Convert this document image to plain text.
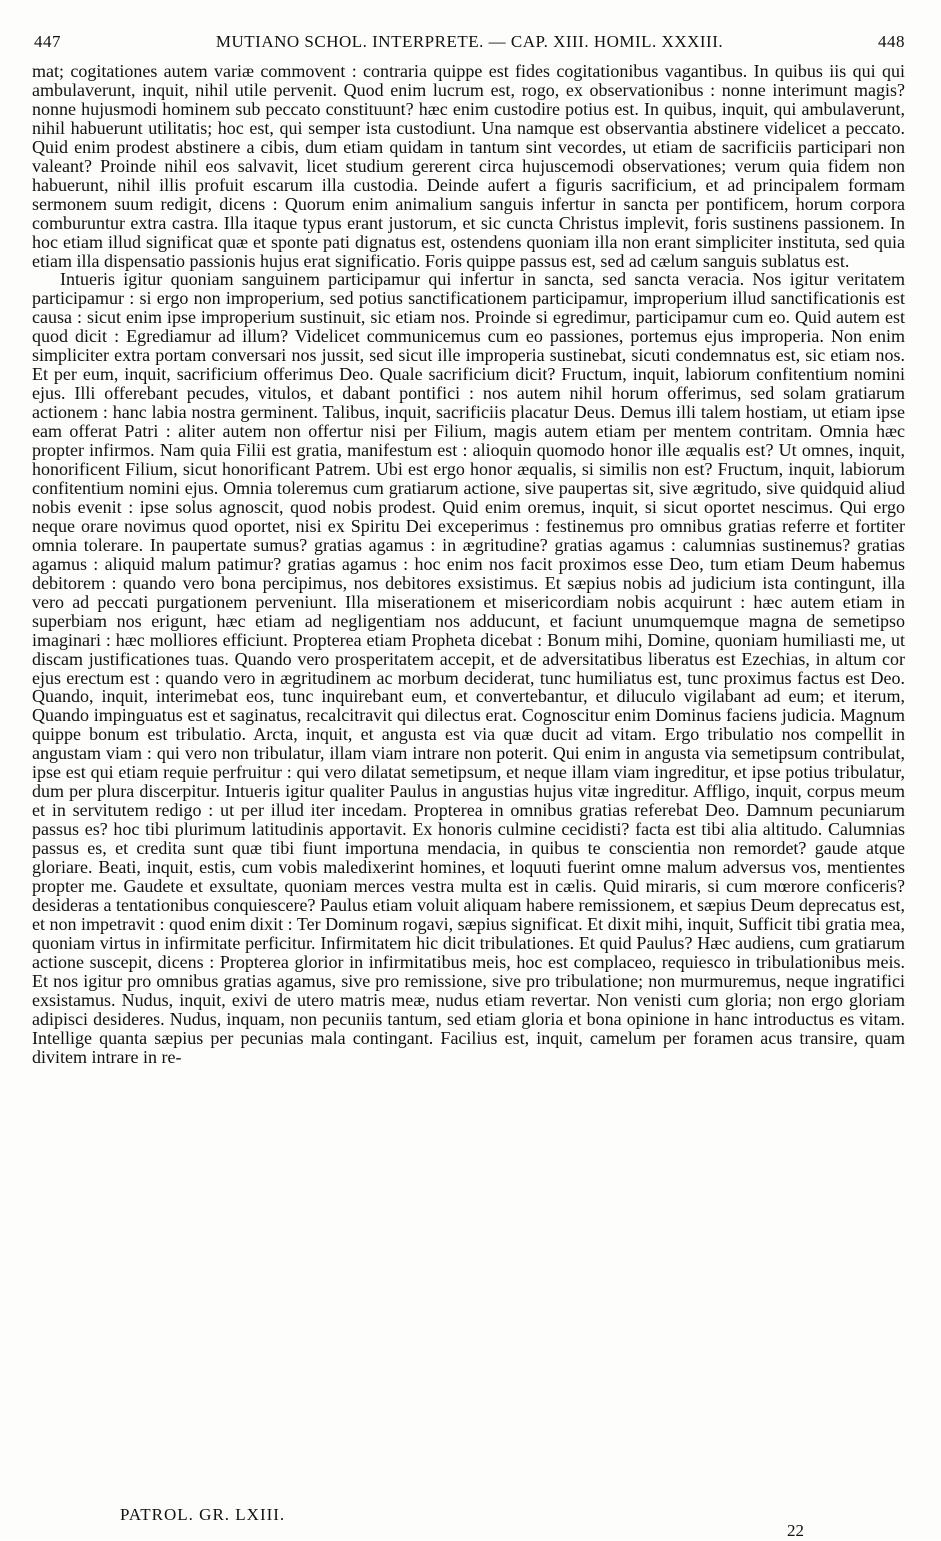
447	MUTIANO SCHOL. INTERPRETE. — CAP. XIII. HOMIL. XXXIII.	448

mat; cogitationes autem variæ commovent : contraria quippe est fides cogitationibus vagantibus. In quibus iis qui qui ambulaverunt, inquit, nihil utile pervenit. Quod enim lucrum est, rogo, ex observationibus : nonne interimunt magis? nonne hujusmodi hominem sub peccato constituunt? hæc enim custodire potius est. In quibus, inquit, qui ambulaverunt, nihil habuerunt utilitatis; hoc est, qui semper ista custodiunt. Una namque est observantia abstinere videlicet a peccato. Quid enim prodest abstinere a cibis, dum etiam quidam in tantum sint vecordes, ut etiam de sacrificiis participari non valeant? Proinde nihil eos salvavit, licet studium gererent circa hujuscemodi observationes; verum quia fidem non habuerunt, nihil illis profuit escarum illa custodia. Deinde aufert a figuris sacrificium, et ad principalem formam sermonem suum redigit, dicens : Quorum enim animalium sanguis infertur in sancta per pontificem, horum corpora comburuntur extra castra. Illa itaque typus erant justorum, et sic cuncta Christus implevit, foris sustinens passionem. In hoc etiam illud significat quæ et sponte pati dignatus est, ostendens quoniam illa non erant simpliciter instituta, sed quia etiam illa dispensatio passionis hujus erat significatio. Foris quippe passus est, sed ad cælum sanguis sublatus est.

Intueris igitur quoniam sanguinem participamur qui infertur in sancta, sed sancta veracia. Nos igitur veritatem participamur : si ergo non improperium, sed potius sanctificationem participamur, improperium illud sanctificationis est causa : sicut enim ipse improperium sustinuit, sic etiam nos. Proinde si egredimur, participamur cum eo. Quid autem est quod dicit : Egrediamur ad illum? Videlicet communicemus cum eo passiones, portemus ejus improperia. Non enim simpliciter extra portam conversari nos jussit, sed sicut ille improperia sustinebat, sicuti condemnatus est, sic etiam nos. Et per eum, inquit, sacrificium offerimus Deo. Quale sacrificium dicit? Fructum, inquit, labiorum confitentium nomini ejus. Illi offerebant pecudes, vitulos, et dabant pontifici : nos autem nihil horum offerimus, sed solam gratiarum actionem : hanc labia nostra germinent. Talibus, inquit, sacrificiis placatur Deus. Demus illi talem hostiam, ut etiam ipse eam offerat Patri : aliter autem non offertur nisi per Filium, magis autem etiam per mentem contritam. Omnia hæc propter infirmos. Nam quia Filii est gratia, manifestum est : alioquin quomodo honor ille æqualis est? Ut omnes, inquit, honorificent Filium, sicut honorificant Patrem. Ubi est ergo honor æqualis, si similis non est? Fructum, inquit, labiorum confitentium nomini ejus. Omnia toleremus cum gratiarum actione, sive paupertas sit, sive ægritudo, sive quidquid aliud nobis evenit : ipse solus agnoscit, quod nobis prodest. Quid enim oremus, inquit, si sicut oportet nescimus. Qui ergo neque orare novimus quod oportet, nisi ex Spiritu Dei exceperimus : festinemus pro omnibus gratias referre et fortiter omnia tolerare. In paupertate sumus? gratias agamus : in ægritudine? gratias agamus : calumnias sustinemus? gratias agamus : aliquid malum patimur? gratias agamus : hoc enim nos facit proximos esse Deo, tum etiam Deum habemus debitorem : quando vero bona percipimus, nos debitores exsistimus. Et sæpius nobis ad judicium ista contingunt, illa vero ad peccati purgationem perveniunt. Illa miserationem et misericordiam nobis acquirunt : hæc autem etiam in superbiam nos erigunt, hæc etiam ad negligentiam nos adducunt, et faciunt unumquemque magna de semetipso imaginari : hæc molliores efficiunt. Propterea etiam Propheta dicebat : Bonum mihi, Domine, quoniam humiliasti me, ut discam justificationes tuas. Quando vero prosperitatem accepit, et de adversitatibus liberatus est Ezechias, in altum cor ejus erectum est : quando vero in ægritudinem ac morbum deciderat, tunc humiliatus est, tunc proximus factus est Deo. Quando, inquit, interimebat eos, tunc inquirebant eum, et convertebantur, et diluculo vigilabant ad eum; et iterum, Quando impinguatus est et saginatus, recalcitravit qui dilectus erat. Cognoscitur enim Dominus faciens judicia. Magnum quippe bonum est tribulatio. Arcta, inquit, et angusta est via quæ ducit ad vitam. Ergo tribulatio nos compellit in angustam viam : qui vero non tribulatur, illam viam intrare non poterit. Qui enim in angusta via semetipsum contribulat, ipse est qui etiam requie perfruitur : qui vero dilatat semetipsum, et neque illam viam ingreditur, et ipse potius tribulatur, dum per plura discerpitur. Intueris igitur qualiter Paulus in angustias hujus vitæ ingreditur. Affligo, inquit, corpus meum et in servitutem redigo : ut per illud iter incedam. Propterea in omnibus gratias referebat Deo. Damnum pecuniarum passus es? hoc tibi plurimum latitudinis apportavit. Ex honoris culmine cecidisti? facta est tibi alia altitudo. Calumnias passus es, et credita sunt quæ tibi fiunt importuna mendacia, in quibus te conscientia non remordet? gaude atque gloriare. Beati, inquit, estis, cum vobis maledixerint homines, et loquuti fuerint omne malum adversus vos, mentientes propter me. Gaudete et exsultate, quoniam merces vestra multa est in cælis. Quid miraris, si cum mœrore conficeris? desideras a tentationibus conquiescere? Paulus etiam voluit aliquam habere remissionem, et sæpius Deum deprecatus est, et non impetravit : quod enim dixit : Ter Dominum rogavi, sæpius significat. Et dixit mihi, inquit, Sufficit tibi gratia mea, quoniam virtus in infirmitate perficitur. Infirmitatem hic dicit tribulationes. Et quid Paulus? Hæc audiens, cum gratiarum actione suscepit, dicens : Propterea glorior in infirmitatibus meis, hoc est complaceo, requiesco in tribulationibus meis. Et nos igitur pro omnibus gratias agamus, sive pro remissione, sive pro tribulatione; non murmuremus, neque ingratifici exsistamus. Nudus, inquit, exivi de utero matris meæ, nudus etiam revertar. Non venisti cum gloria; non ergo gloriam adipisci desideres. Nudus, inquam, non pecuniis tantum, sed etiam gloria et bona opinione in hanc introductus es vitam. Intellige quanta sæpius per pecunias mala contingant. Facilius est, inquit, camelum per foramen acus transire, quam divitem intrare in re-

PATROL. GR. LXIII.
22
